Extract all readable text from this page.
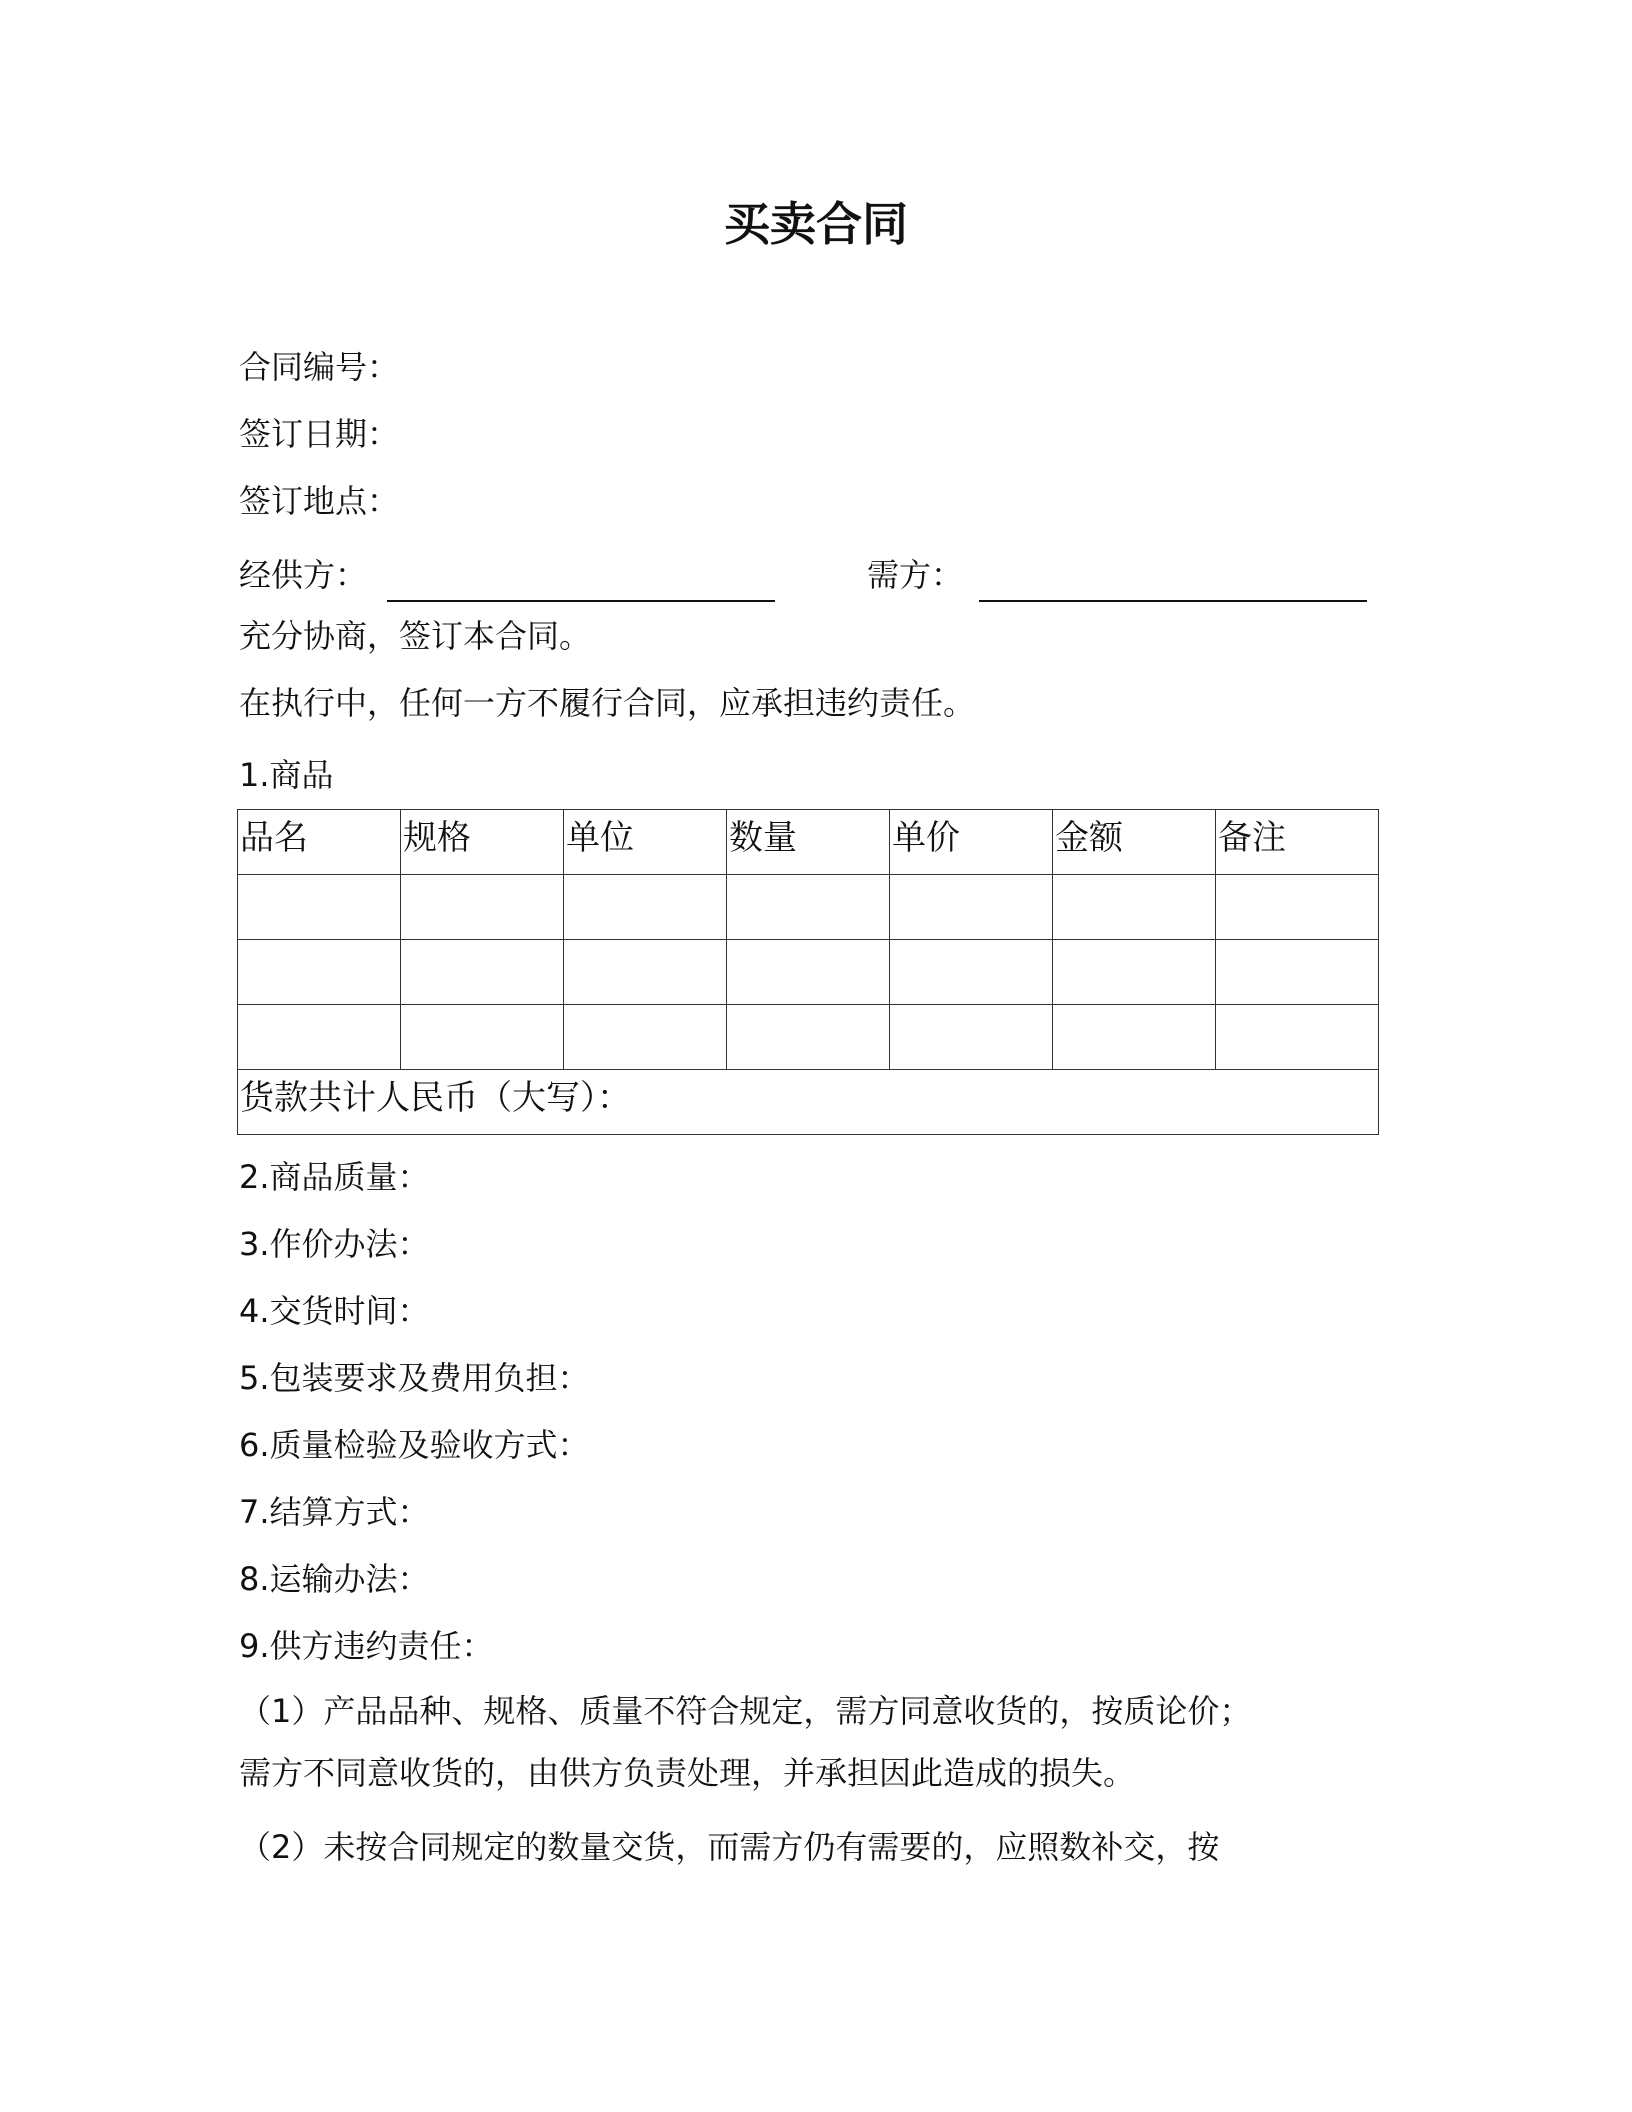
买卖合同
合同编号：
签订日期：
签订地点：
经供方：	需方：
充分协商，签订本合同。
在执行中，任何一方不履行合同，应承担违约责任。
1.商品
品名	规格	单位	数量	单价	金额	备注

货款共计人民币（大写）：						
2.商品质量：
3.作价办法：
4.交货时间：
5.包装要求及费用负担：
6.质量检验及验收方式：
7.结算方式：
8.运输办法：
9.供方违约责任：
（1）产品品种、规格、质量不符合规定，需方同意收货的，按质论价；
需方不同意收货的，由供方负责处理，并承担因此造成的损失。
（2）未按合同规定的数量交货，而需方仍有需要的，应照数补交，按
